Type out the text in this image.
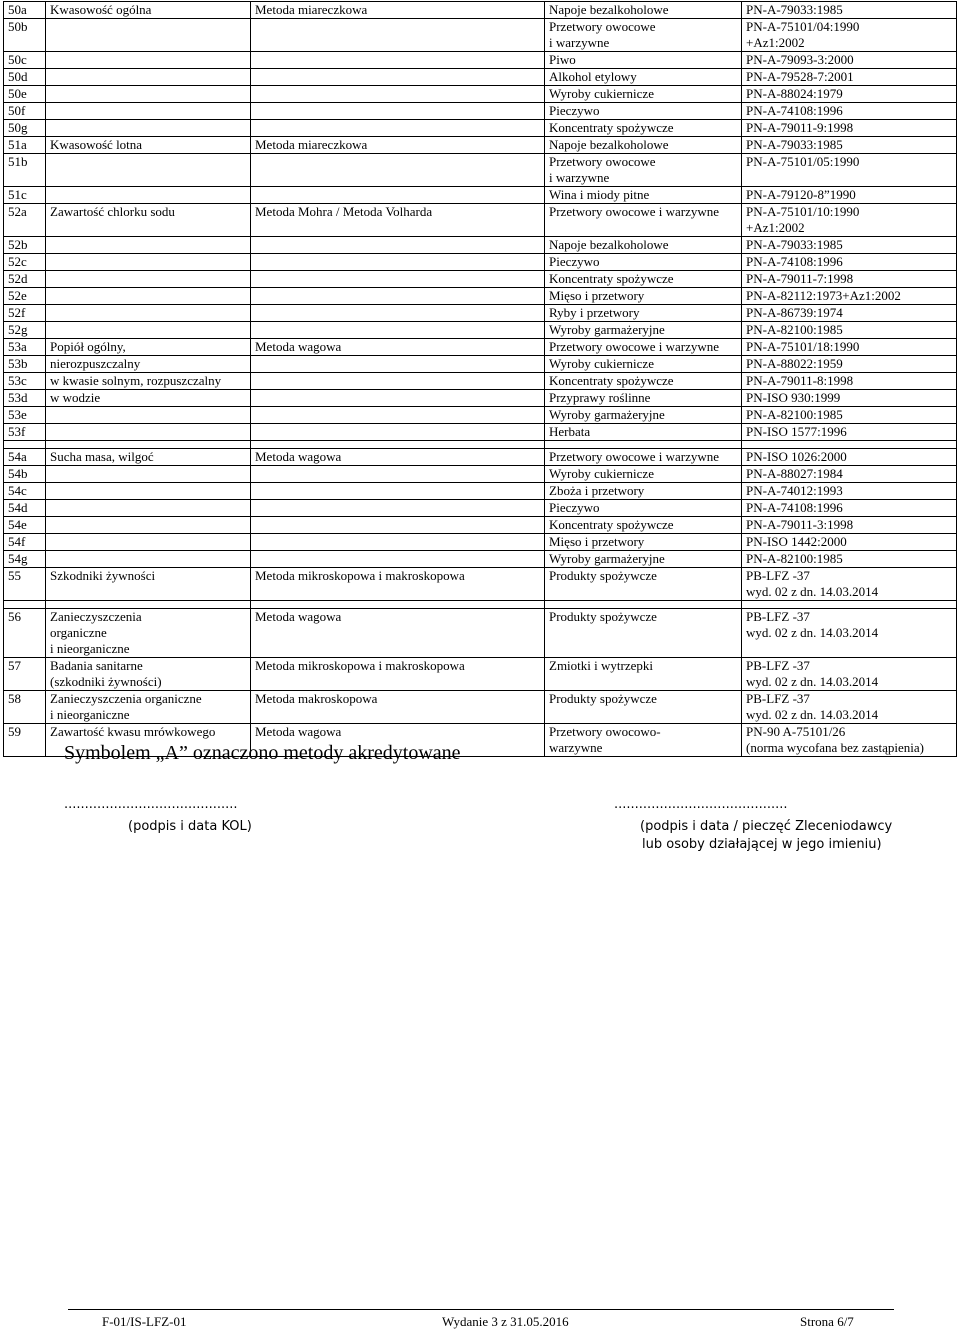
50a	Kwasowość ogólna	Metoda miareczkowa	Napoje bezalkoholowe	PN-A-79033:1985

50b			Przetwory owocowe
i warzywne	PN-A-75101/04:1990
+Az1:2002

50c			Piwo	PN-A-79093-3:2000

50d			Alkohol etylowy	PN-A-79528-7:2001

50e			Wyroby cukiernicze	PN-A-88024:1979

50f			Pieczywo	PN-A-74108:1996

50g			Koncentraty spożywcze	PN-A-79011-9:1998

51a	Kwasowość lotna	Metoda miareczkowa	Napoje bezalkoholowe	PN-A-79033:1985

51b			Przetwory owocowe
i warzywne	PN-A-75101/05:1990

51c			Wina i miody pitne	PN-A-79120-8”1990

52a	Zawartość chlorku sodu	Metoda Mohra / Metoda Volharda	Przetwory owocowe i warzywne	PN-A-75101/10:1990
+Az1:2002

52b			Napoje bezalkoholowe	PN-A-79033:1985

52c			Pieczywo	PN-A-74108:1996

52d			Koncentraty spożywcze	PN-A-79011-7:1998

52e			Mięso i przetwory	PN-A-82112:1973+Az1:2002

52f			Ryby i przetwory	PN-A-86739:1974

52g			Wyroby garmażeryjne	PN-A-82100:1985

53a	Popiół ogólny,	Metoda wagowa	Przetwory owocowe i warzywne	PN-A-75101/18:1990

53b	nierozpuszczalny		Wyroby cukiernicze	PN-A-88022:1959

53c	w kwasie solnym, rozpuszczalny		Koncentraty spożywcze	PN-A-79011-8:1998

53d	w wodzie		Przyprawy roślinne	PN-ISO 930:1999

53e			Wyroby garmażeryjne	PN-A-82100:1985

53f			Herbata	PN-ISO 1577:1996

54a	Sucha masa, wilgoć	Metoda wagowa	Przetwory owocowe i warzywne	PN-ISO 1026:2000

54b			Wyroby cukiernicze	PN-A-88027:1984

54c			Zboża i przetwory	PN-A-74012:1993

54d			Pieczywo	PN-A-74108:1996

54e			Koncentraty spożywcze	PN-A-79011-3:1998

54f			Mięso i przetwory	PN-ISO 1442:2000

54g			Wyroby garmażeryjne	PN-A-82100:1985

55	Szkodniki żywności	Metoda mikroskopowa i makroskopowa	Produkty spożywcze	PB-LFZ -37
wyd. 02 z dn. 14.03.2014

56	Zanieczyszczenia
organiczne
i nieorganiczne	Metoda wagowa	Produkty spożywcze	PB-LFZ -37
wyd. 02 z dn. 14.03.2014

57	Badania sanitarne
(szkodniki żywności)	Metoda mikroskopowa i makroskopowa	Zmiotki i wytrzepki	PB-LFZ -37
wyd. 02 z dn. 14.03.2014

58	Zanieczyszczenia organiczne
i nieorganiczne	Metoda makroskopowa	Produkty spożywcze	PB-LFZ -37
wyd. 02 z dn. 14.03.2014

59	Zawartość kwasu mrówkowego	Metoda wagowa	Przetwory owocowo-
warzywne	PN-90 A-75101/26
(norma wycofana bez zastąpienia)
Symbolem „A” oznaczono metody akredytowane
..........................................
(podpis i data KOL)
..........................................
(podpis i data / pieczęć Zleceniodawcy
lub osoby działającej w jego imieniu)
F-01/IS-LFZ-01	Wydanie 3 z 31.05.2016	Strona 6/7
